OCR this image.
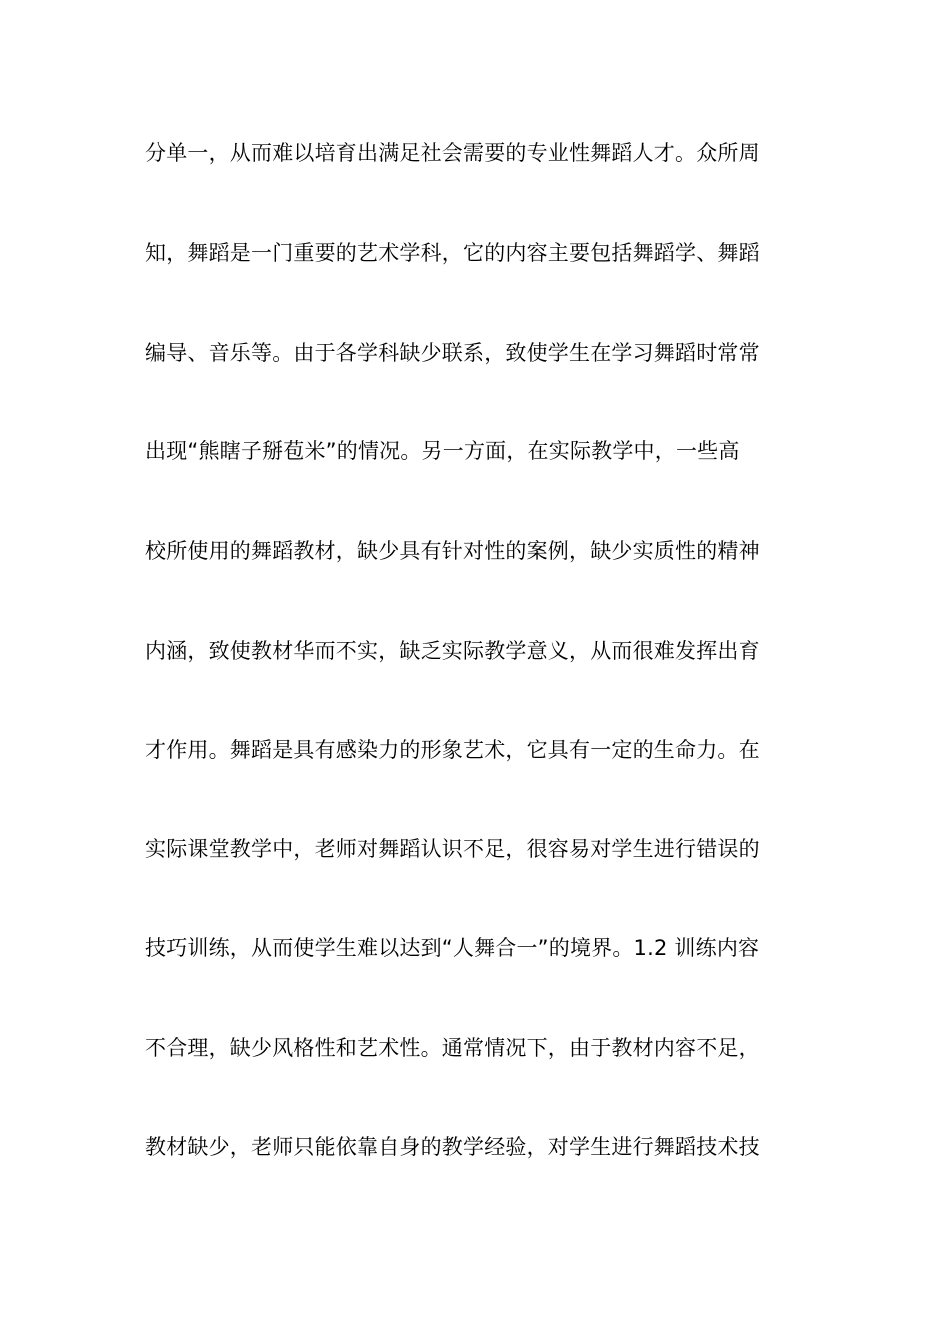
分单一，从而难以培育出满足社会需要的专业性舞蹈人才。众所周
知，舞蹈是一门重要的艺术学科，它的内容主要包括舞蹈学、舞蹈
编导、音乐等。由于各学科缺少联系，致使学生在学习舞蹈时常常
出现“熊瞎子掰苞米”的情况。另一方面，在实际教学中，一些高
校所使用的舞蹈教材，缺少具有针对性的案例，缺少实质性的精神
内涵，致使教材华而不实，缺乏实际教学意义，从而很难发挥出育
才作用。舞蹈是具有感染力的形象艺术，它具有一定的生命力。在
实际课堂教学中，老师对舞蹈认识不足，很容易对学生进行错误的
技巧训练，从而使学生难以达到“人舞合一”的境界。1.2 训练内容
不合理，缺少风格性和艺术性。通常情况下，由于教材内容不足，
教材缺少，老师只能依靠自身的教学经验，对学生进行舞蹈技术技
